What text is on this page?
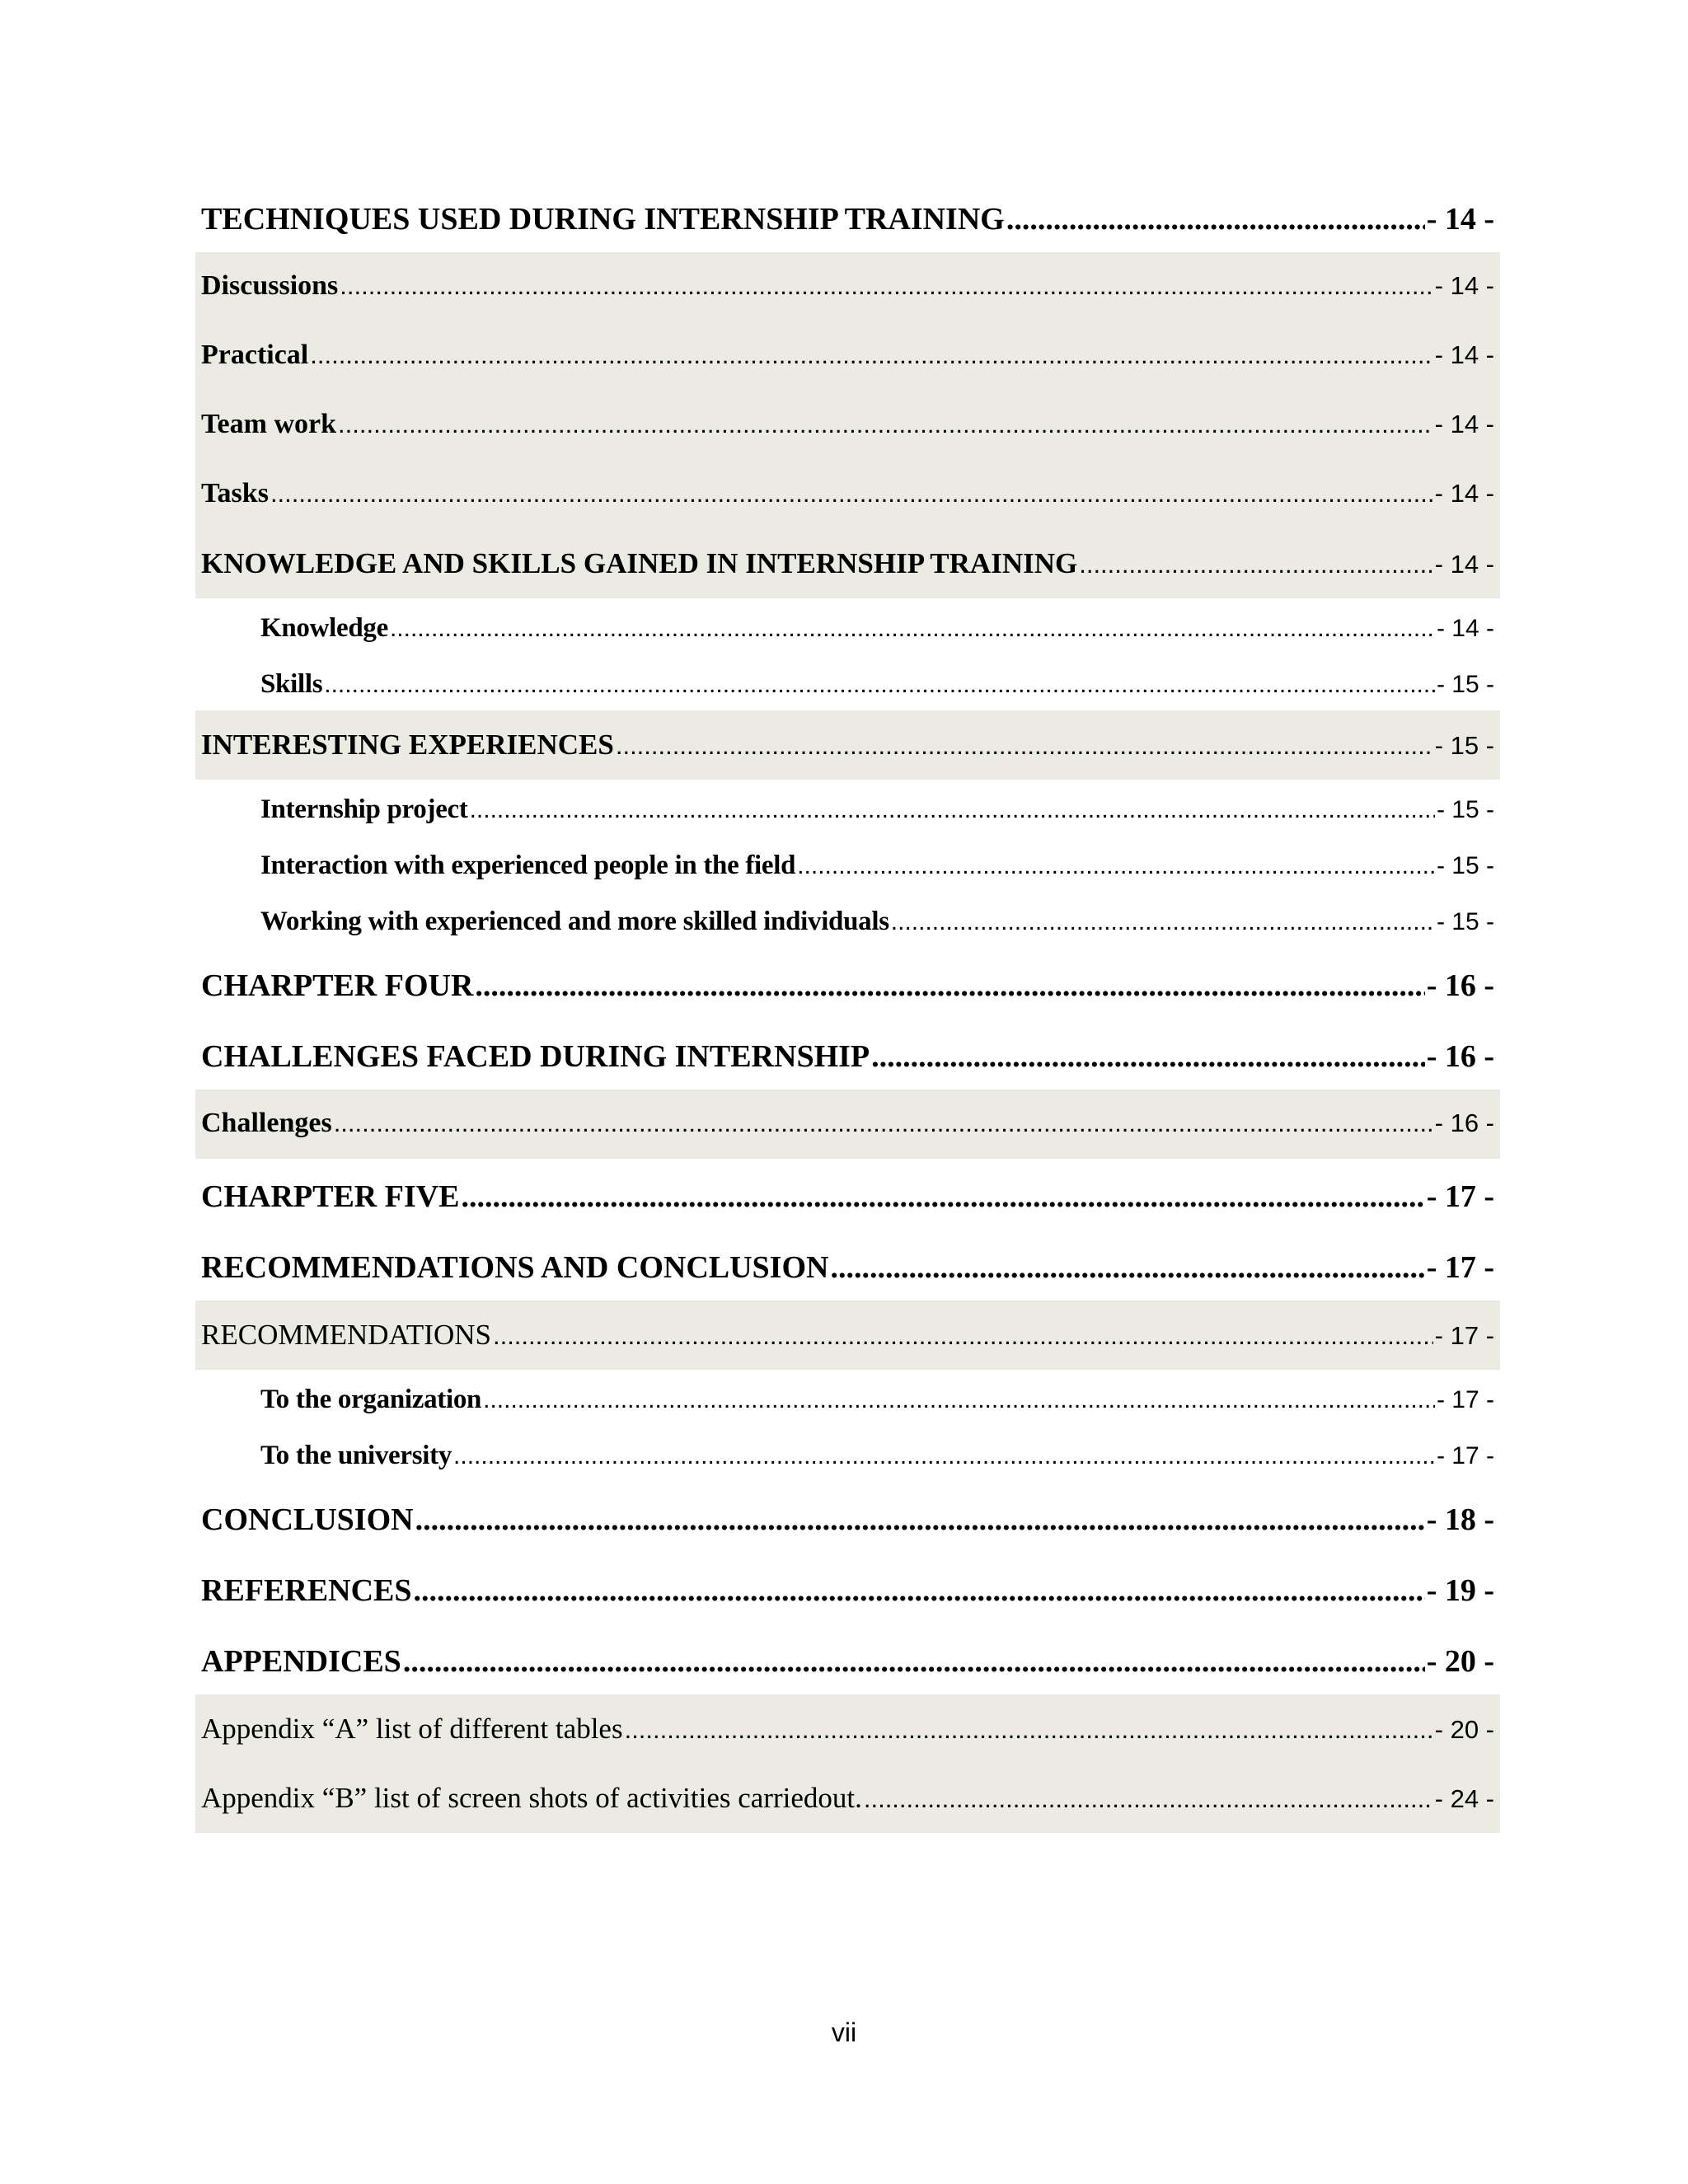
TECHNIQUES USED DURING INTERNSHIP TRAINING .....	- 14 -
Discussions .....	- 14 -
Practical .....	- 14 -
Team work .....	- 14 -
Tasks .....	- 14 -
KNOWLEDGE AND SKILLS GAINED IN INTERNSHIP TRAINING .....	- 14 -
Knowledge .....	- 14 -
Skills .....	- 15 -
INTERESTING EXPERIENCES .....	- 15 -
Internship project .....	- 15 -
Interaction with experienced people in the field .....	- 15 -
Working with experienced and more skilled individuals .....	- 15 -
CHARPTER FOUR .....	- 16 -
CHALLENGES FACED DURING INTERNSHIP .....	- 16 -
Challenges .....	- 16 -
CHARPTER FIVE .....	- 17 -
RECOMMENDATIONS AND CONCLUSION .....	- 17 -
RECOMMENDATIONS .....	- 17 -
To the organization .....	- 17 -
To the university .....	- 17 -
CONCLUSION .....	- 18 -
REFERENCES .....	- 19 -
APPENDICES .....	- 20 -
Appendix “A” list of different tables .....	- 20 -
Appendix “B” list of screen shots of activities carriedout. .....	- 24 -
vii
